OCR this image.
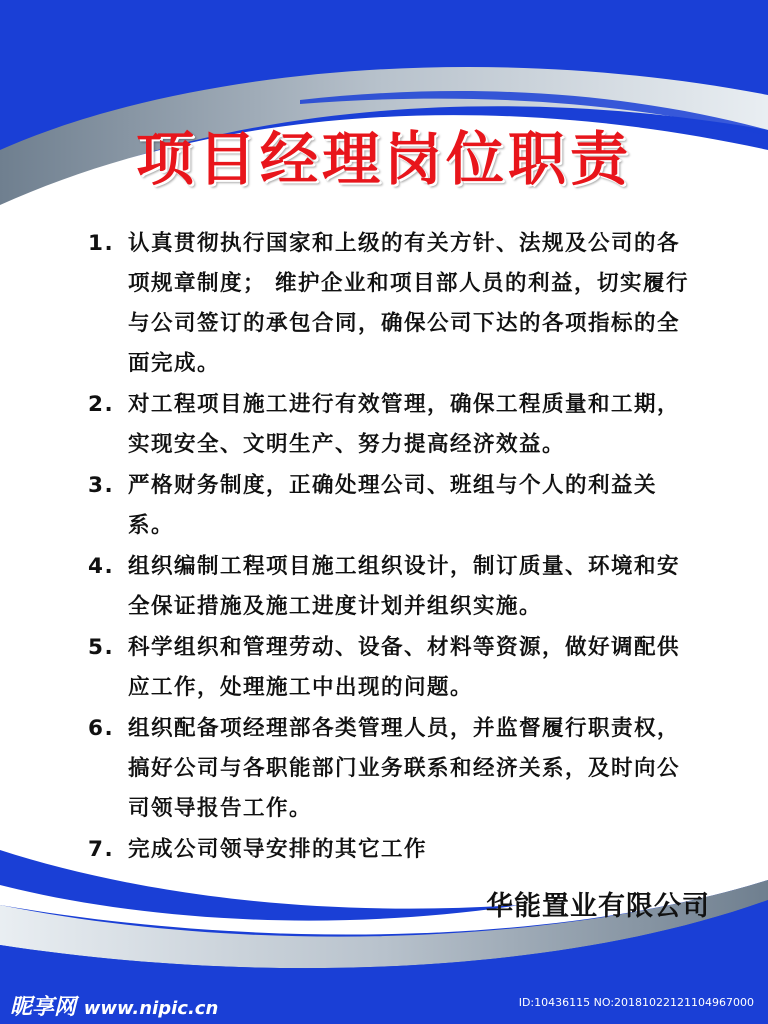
项目经理岗位职责
1. 认真贯彻执行国家和上级的有关方针、法规及公司的各项规章制度； 维护企业和项目部人员的利益，切实履行与公司签订的承包合同，确保公司下达的各项指标的全面完成。
2. 对工程项目施工进行有效管理，确保工程质量和工期，实现安全、文明生产、努力提高经济效益。
3. 严格财务制度，正确处理公司、班组与个人的利益关系。
4. 组织编制工程项目施工组织设计，制订质量、环境和安全保证措施及施工进度计划并组织实施。
5. 科学组织和管理劳动、设备、材料等资源，做好调配供应工作，处理施工中出现的问题。
6. 组织配备项经理部各类管理人员，并监督履行职责权，搞好公司与各职能部门业务联系和经济关系，及时向公司领导报告工作。
7. 完成公司领导安排的其它工作
华能置业有限公司
昵享网 www.nipic.cn	ID:10436115 NO:20181022121104967000
